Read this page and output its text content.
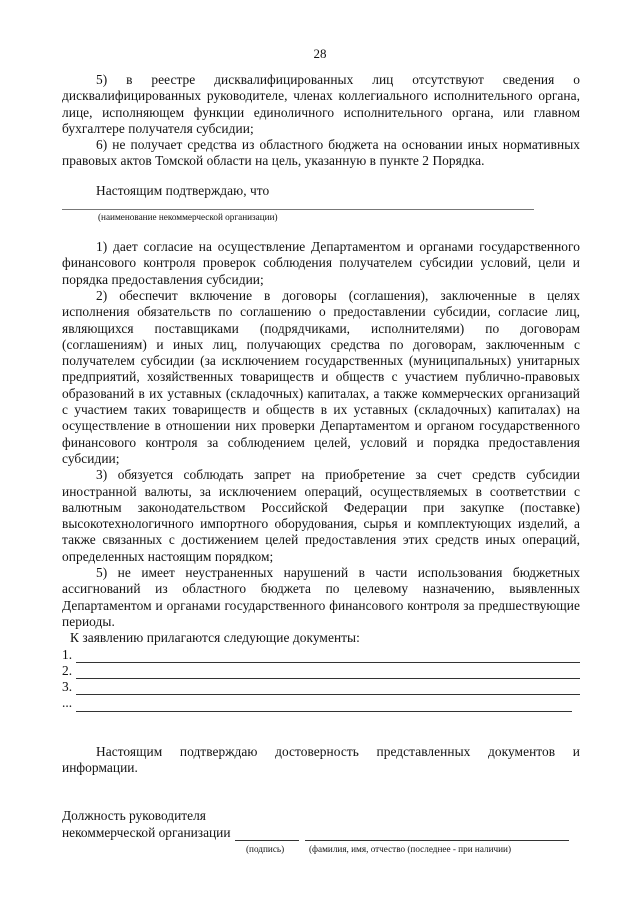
28

5) в реестре дисквалифицированных лиц отсутствуют сведения о дисквалифицированных руководителе, членах коллегиального исполнительного органа, лице, исполняющем функции единоличного исполнительного органа, или главном бухгалтере получателя субсидии;

6) не получает средства из областного бюджета на основании иных нормативных правовых актов Томской области на цель, указанную в пункте 2 Порядка.

Настоящим подтверждаю, что

(наименование некоммерческой организации)

1) дает согласие на осуществление Департаментом и органами государственного финансового контроля проверок соблюдения получателем субсидии условий, цели и порядка предоставления субсидии;

2) обеспечит включение в договоры (соглашения), заключенные в целях исполнения обязательств по соглашению о предоставлении субсидии, согласие лиц, являющихся поставщиками (подрядчиками, исполнителями) по договорам (соглашениям) и иных лиц, получающих средства по договорам, заключенным с получателем субсидии (за исключением государственных (муниципальных) унитарных предприятий, хозяйственных товариществ и обществ с участием публично-правовых образований в их уставных (складочных) капиталах, а также коммерческих организаций с участием таких товариществ и обществ в их уставных (складочных) капиталах) на осуществление в отношении них проверки Департаментом и органом государственного финансового контроля за соблюдением целей, условий и порядка предоставления субсидии;

3) обязуется соблюдать запрет на приобретение за счет средств субсидии иностранной валюты, за исключением операций, осуществляемых в соответствии с валютным законодательством Российской Федерации при закупке (поставке) высокотехнологичного импортного оборудования, сырья и комплектующих изделий, а также связанных с достижением целей предоставления этих средств иных операций, определенных настоящим порядком;

5) не имеет неустраненных нарушений в части использования бюджетных ассигнований из областного бюджета по целевому назначению, выявленных Департаментом и органами государственного финансового контроля за предшествующие периоды.

К заявлению прилагаются следующие документы:

1.
2.
3.
...

Настоящим подтверждаю достоверность представленных документов и информации.

Должность руководителя
некоммерческой организации
(подпись)	(фамилия, имя, отчество (последнее - при наличии)
